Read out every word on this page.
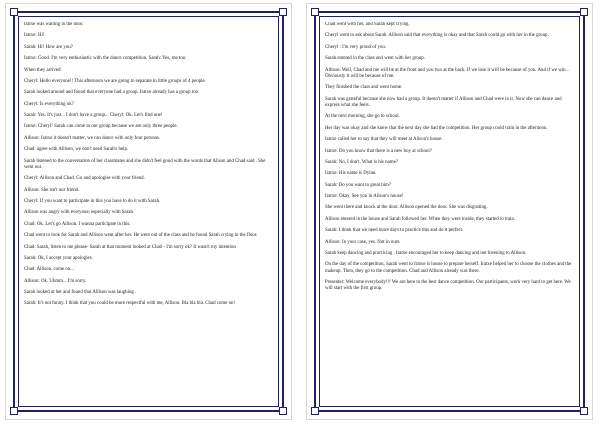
Iratxe was waiting in the door.

Iratxe: Hi!

Sarah: Hi! How are you?

Iratxe: Good. I'm very enthusiastic with the dance competition. Sarah: Yes, me too.

When they arrived:

Cheryl: Hello everyone!! This afternoon we are going to separate in little groups of 4 people.

Sarah looked around and found that everyone had a group. Iratxe already has a group too.

Cheryl: Is everything ok?

Sarah: Yes. It's just... I don't have a group... Cheryl: Ok. Let's find one!

Iratxe: Cheryl! Sarah can come to our group because we are only three people.

Allison: Iratxe it doesn't matter, we can dance with only four persons.

Chad: agree with Allison, we don't need Sarah's help.

Sarah listened to the conversation of her classmates and she didn't feel good with the words that Alison and Chad said . She went out.

Cheryl: Allison and Chad. Go and apologise with your friend.

Allison: She isn't our friend.

Cheryl: If you want to participate in this you have to do it with Sarah.

Allison was angry with everyone, especially with Sarah.

Chad: Ok. Let's go Allison. I wanna participate in this.

Chad went to look for Sarah and Allison went after her. He went out of the class and he found Sarah crying in the floor.

Chad: Sarah, listen to me please- Sarah at that moment looked at Chad - I'm sorry ok? It wasn't my intention

Sarah: Ok, I accept your apologies.

Chad: Allison, come on...

Allison: Ok. Uhmm... I'm sorry.

Sarah looked at her and found that Allison was laughing .

Sarah: It's not funny. I think that you could be more respectful with me, Allison. Bla bla bla. Chad come on!

Chad went with her, and Sarah kept crying.

Cheryl went to ask about Sarah. Allison said that everything is okay and that Sarah could go with her in the group.

Cheryl : I'm very proud of you.

Sarah entered in the class and went with her group.

Allison: Well, Chad and me will be at the front and you two at the back. If we lose it will be because of you. And if we win... Obviously it will be because of me.

They finished the class and went home.

Sarah was grateful because she now had a group. It doesn't matter if Allison and Chad were in it. Now she can dance and express what she feels.

At the next morning, she go to school.

Her day was okay and she knew that the next day she had the competition. Her group could train in the afternoon.

Iratxe called her to say that they will meet at Alison's house.

Iratxe: Do you know that there is a new boy at school?

Sarah: No, I don't. What is his name?

Iratxe: His name is Dylan.

Sarah: Do you want to great him?

Iratxe: Okay. See you in Alison's house!

She went there and knock at the door. Allison opened the door. She was disgusting.

Allison entered in the house and Sarah followed her. When they were inside, they started to train.

Sarah: I think that we need more days to practice this and do it perfect.

Allison: In your case, yes. Not in ours.

Sarah keep dancing and practicing . Iratxe encouraged her to keep dancing and not listening to Allison.

On the day of the competition, Sarah went to Iratxe is house to prepare herself. Iratxe helped her to choose the clothes and the makeup. Then, they go to the competition. Chad and Allison already was there.

Presenter: Welcome everybody!!! We are here to the best dance competition. Our participants, work very hard to get here. We will start with the first group.
